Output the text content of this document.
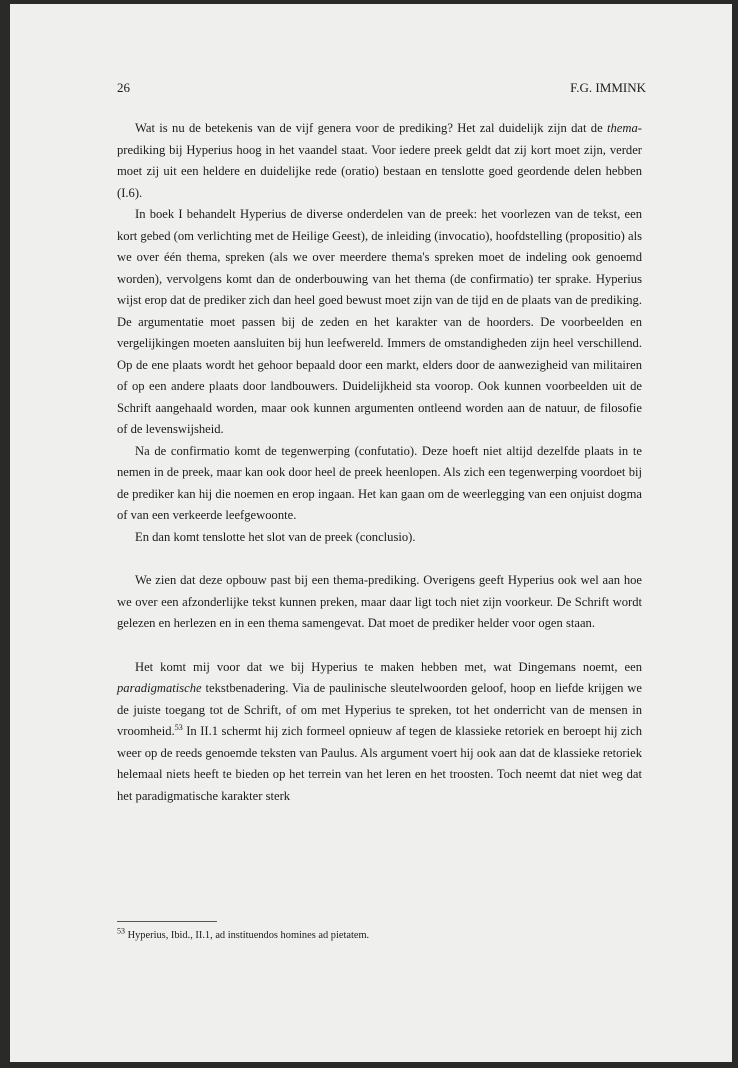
26	F.G. IMMINK

Wat is nu de betekenis van de vijf genera voor de prediking? Het zal duidelijk zijn dat de thema-prediking bij Hyperius hoog in het vaandel staat. Voor iedere preek geldt dat zij kort moet zijn, verder moet zij uit een heldere en duidelijke rede (oratio) bestaan en tenslotte goed geordende delen hebben (I.6).

In boek I behandelt Hyperius de diverse onderdelen van de preek: het voorlezen van de tekst, een kort gebed (om verlichting met de Heilige Geest), de inleiding (invocatio), hoofdstelling (propositio) als we over één thema, spreken (als we over meerdere thema's spreken moet de indeling ook genoemd worden), vervolgens komt dan de onderbouwing van het thema (de confirmatio) ter sprake. Hyperius wijst erop dat de prediker zich dan heel goed bewust moet zijn van de tijd en de plaats van de prediking. De argumentatie moet passen bij de zeden en het karakter van de hoorders. De voorbeelden en vergelijkingen moeten aansluiten bij hun leefwereld. Immers de omstandigheden zijn heel verschillend. Op de ene plaats wordt het gehoor bepaald door een markt, elders door de aanwezigheid van militairen of op een andere plaats door landbouwers. Duidelijkheid sta voorop. Ook kunnen voorbeelden uit de Schrift aangehaald worden, maar ook kunnen argumenten ontleend worden aan de natuur, de filosofie of de levenswijsheid.

Na de confirmatio komt de tegenwerping (confutatio). Deze hoeft niet altijd dezelfde plaats in te nemen in de preek, maar kan ook door heel de preek heenlopen. Als zich een tegenwerping voordoet bij de prediker kan hij die noemen en erop ingaan. Het kan gaan om de weerlegging van een onjuist dogma of van een verkeerde leefgewoonte.

En dan komt tenslotte het slot van de preek (conclusio).

We zien dat deze opbouw past bij een thema-prediking. Overigens geeft Hyperius ook wel aan hoe we over een afzonderlijke tekst kunnen preken, maar daar ligt toch niet zijn voorkeur. De Schrift wordt gelezen en herlezen en in een thema samengevat. Dat moet de prediker helder voor ogen staan.

Het komt mij voor dat we bij Hyperius te maken hebben met, wat Dingemans noemt, een paradigmatische tekstbenadering. Via de paulinische sleutelwoorden geloof, hoop en liefde krijgen we de juiste toegang tot de Schrift, of om met Hyperius te spreken, tot het onderricht van de mensen in vroomheid.$^{53}$ In II.1 schermt hij zich formeel opnieuw af tegen de klassieke retoriek en beroept hij zich weer op de reeds genoemde teksten van Paulus. Als argument voert hij ook aan dat de klassieke retoriek helemaal niets heeft te bieden op het terrein van het leren en het troosten. Toch neemt dat niet weg dat het paradigmatische karakter sterk

$^{53}$ Hyperius, Ibid., II.1, ad instituendos homines ad pietatem.
